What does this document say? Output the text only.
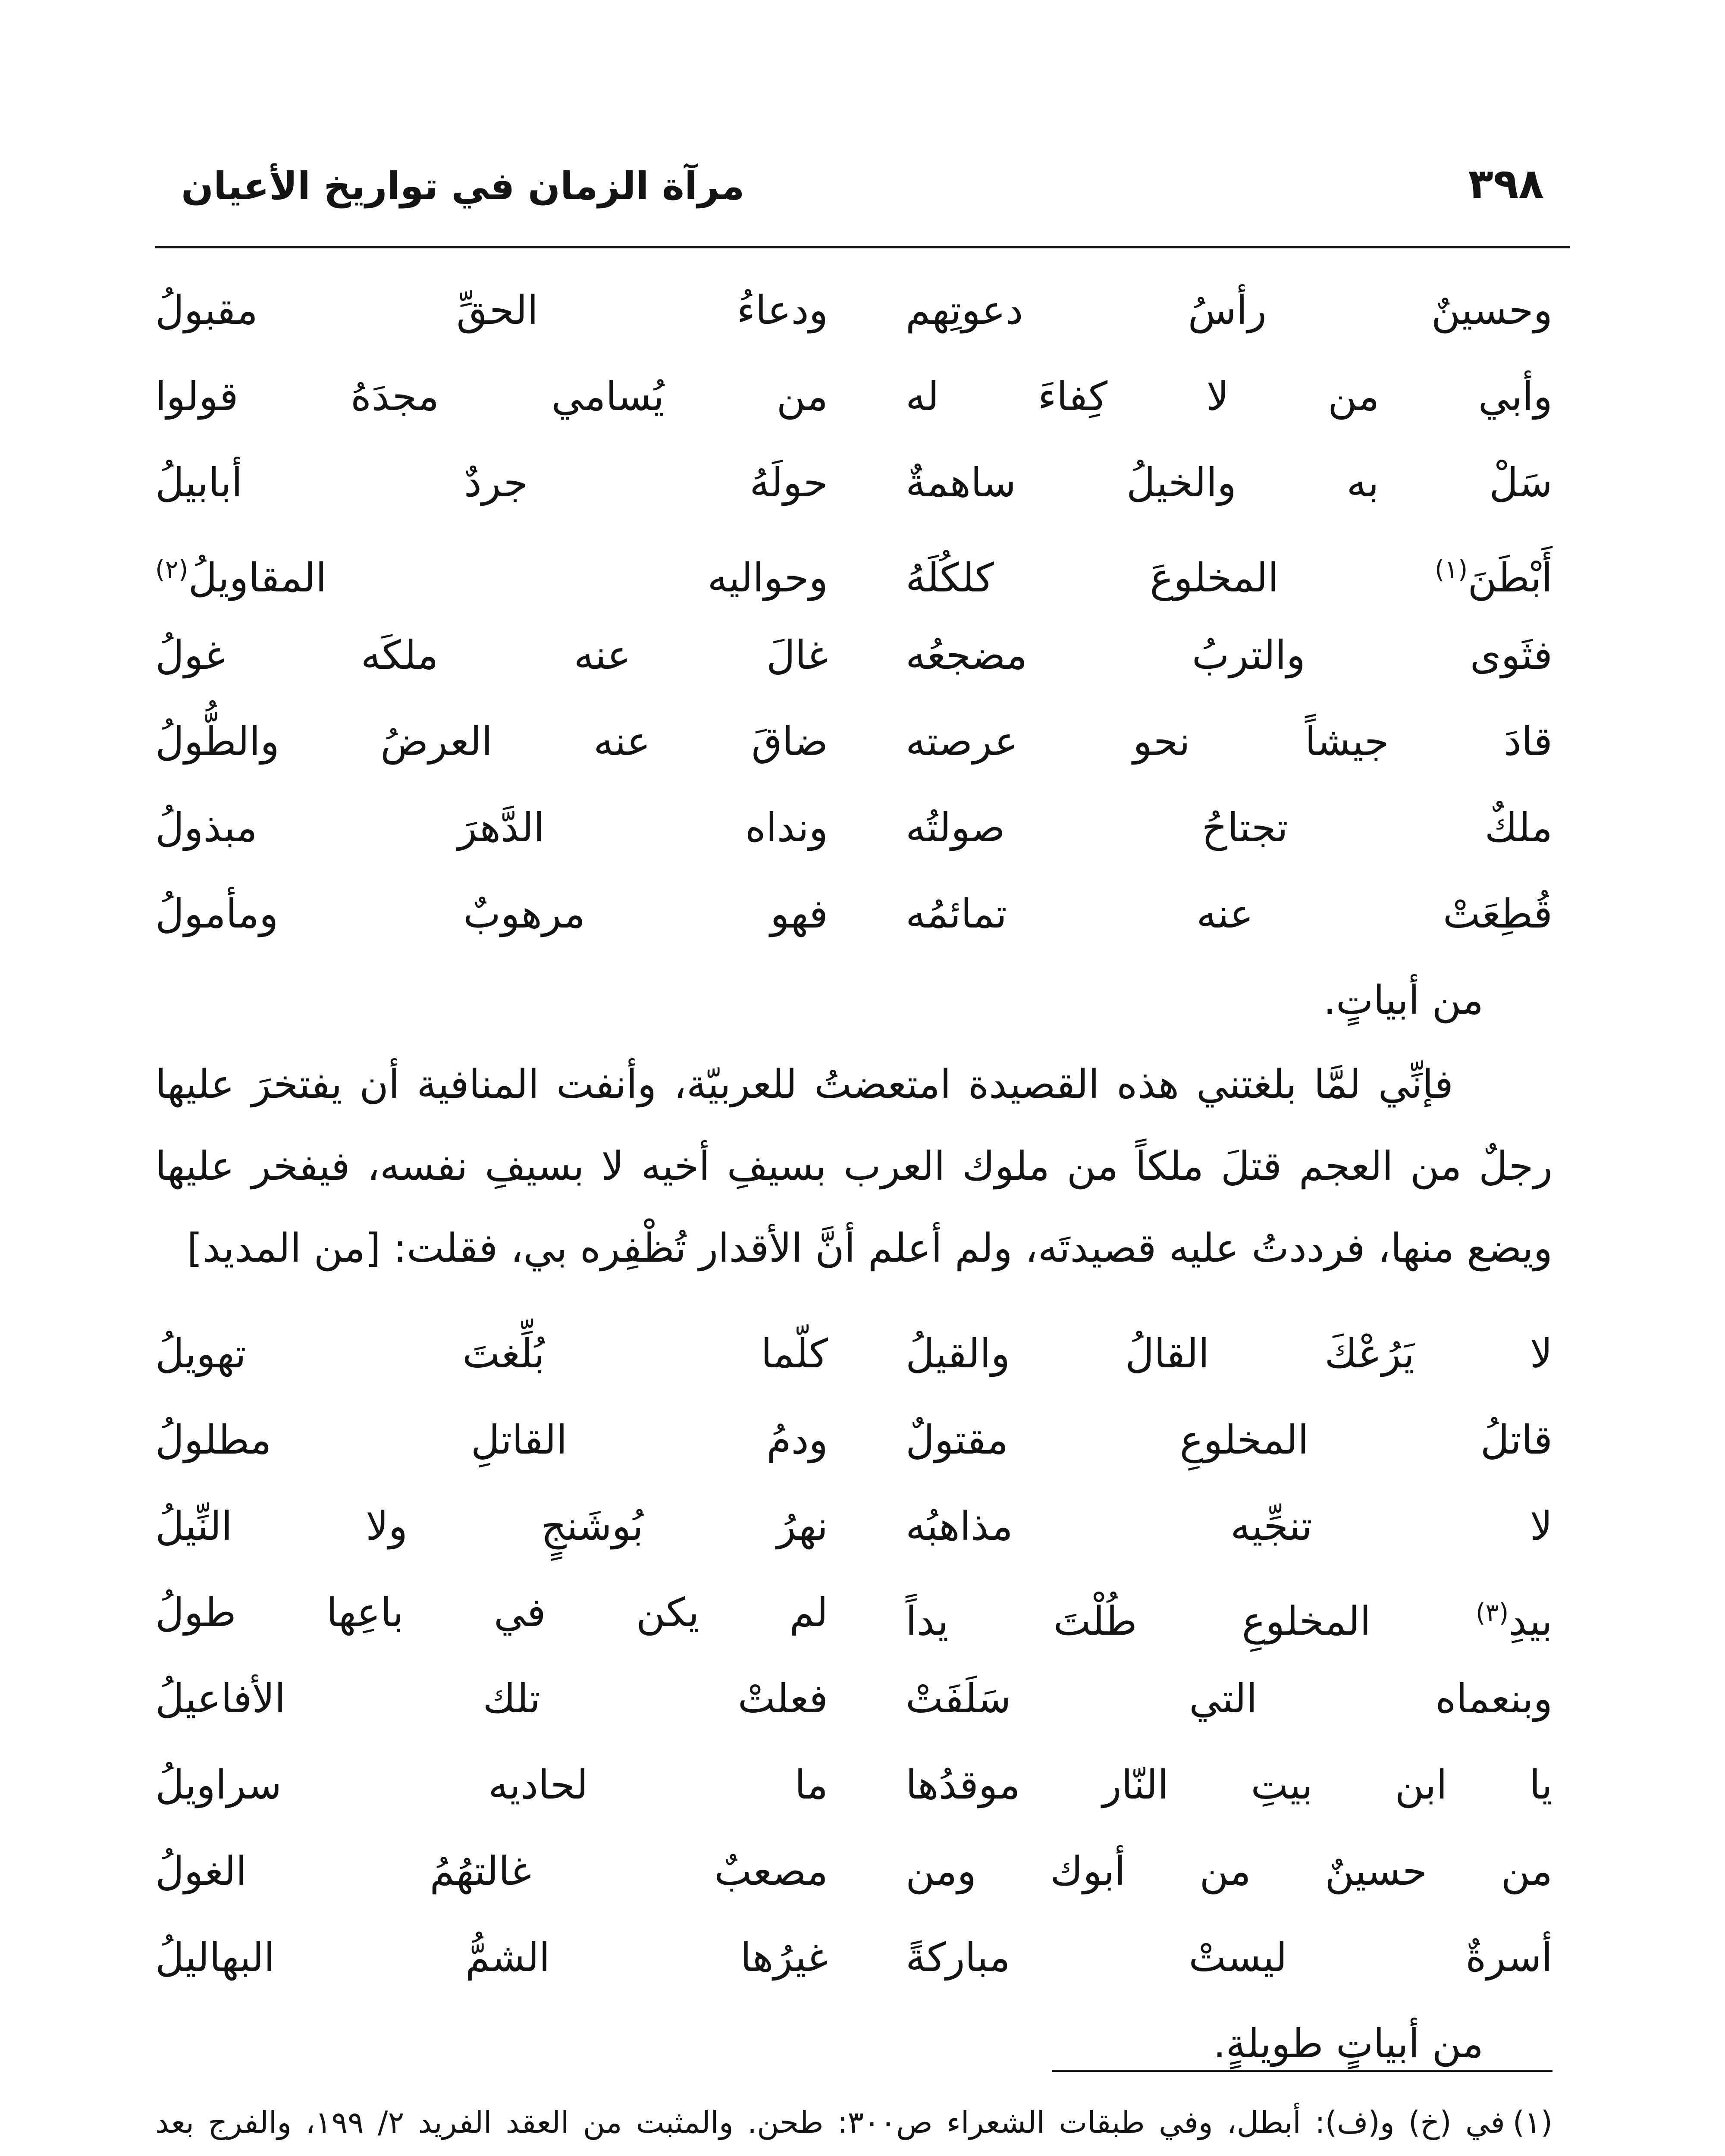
٣٩٨
مرآة الزمان في تواريخ الأعيان
وحسينٌ رأسُ دعوتِهم
ودعاءُ الحقِّ مقبولُ
وأبي من لا كِفاءَ له
من يُسامي مجدَهُ قولوا
سَلْ به والخيلُ ساهمةٌ
حولَهُ جردٌ أبابيلُ
أَبْطَنَ$^{(١)}$ المخلوعَ كلكُلَهُ
وحواليه المقاويلُ$^{(٢)}$
فثَوى والتربُ مضجعُه
غالَ عنه ملكَه غولُ
قادَ جيشاً نحو عرصته
ضاقَ عنه العرضُ والطُّولُ
ملكٌ تجتاحُ صولتُه
ونداه الدَّهرَ مبذولُ
قُطِعَتْ عنه تمائمُه
فهو مرهوبٌ ومأمولُ
من أبياتٍ.

فإنِّي لمَّا بلغتني هذه القصيدة امتعضتُ للعربيّة، وأنفت المنافية أن يفتخرَ عليها رجلٌ من العجم قتلَ ملكاً من ملوك العرب بسيفِ أخيه لا بسيفِ نفسه، فيفخر عليها ويضع منها، فرددتُ عليه قصيدتَه، ولم أعلم أنَّ الأقدار تُظْفِره بي، فقلت: [من المديد]

لا يَرُعْكَ القالُ والقيلُ
كلّما بُلِّغتَ تهويلُ
قاتلُ المخلوعِ مقتولٌ
ودمُ القاتلِ مطلولُ
لا تنجِّيه مذاهبُه
نهرُ بُوشَنجٍ ولا النِّيلُ
بيدِ$^{(٣)}$ المخلوعِ طُلْتَ يداً
لم يكن في باعِها طولُ
وبنعماه التي سَلَفَتْ
فعلتْ تلك الأفاعيلُ
يا ابن بيتِ النّار موقدُها
ما لحاديه سراويلُ
من حسينٌ من أبوك ومن
مصعبٌ غالتهُمُ الغولُ
أسرةٌ ليستْ مباركةً
غيرُها الشمُّ البهاليلُ
من أبياتٍ طويلةٍ.

(١)في (خ) و(ف): أبطل، وفي طبقات الشعراء ص٣٠٠: طحن. والمثبت من العقد الفريد ٢/ ١٩٩، والفرج بعد
